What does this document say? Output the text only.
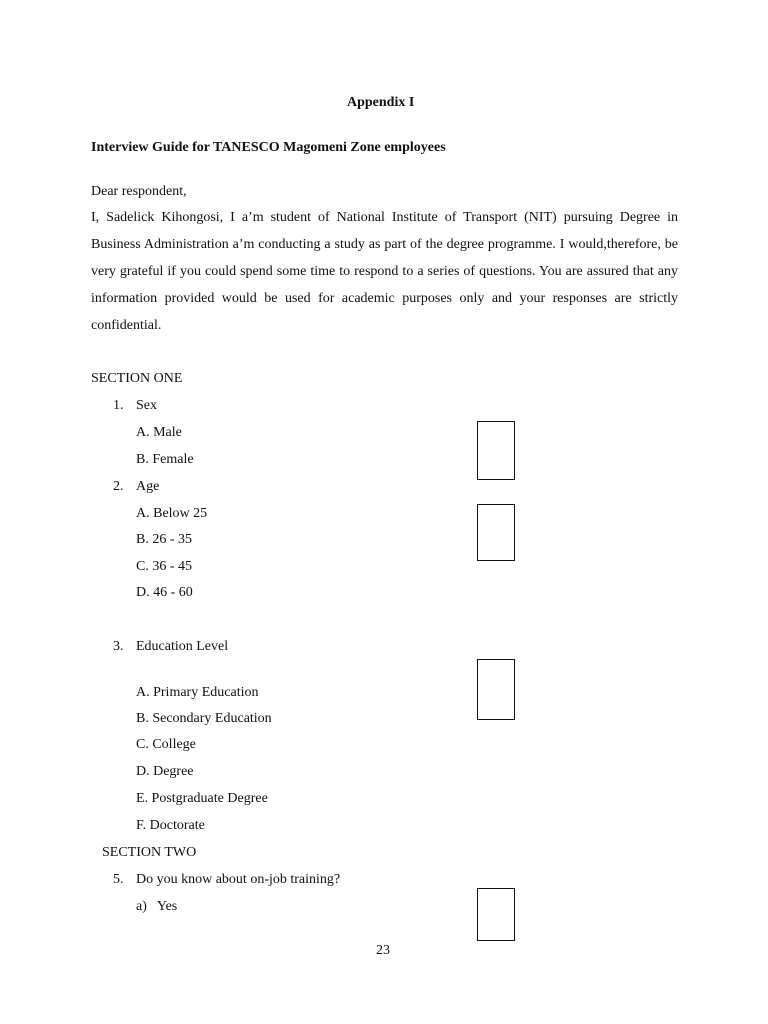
Appendix I
Interview Guide for TANESCO Magomeni Zone employees
Dear respondent,
I, Sadelick Kihongosi, I a’m student of National Institute of Transport (NIT) pursuing Degree in Business Administration a’m conducting a study as part of the degree programme. I would,therefore, be very grateful if you could spend some time to respond to a series of questions. You are assured that any information provided would be used for academic purposes only and your responses are strictly confidential.
SECTION ONE
1. Sex
A. Male
B. Female
2. Age
A. Below 25
B. 26 - 35
C. 36 - 45
D. 46 - 60
3. Education Level
A. Primary Education
B. Secondary Education
C. College
D. Degree
E. Postgraduate Degree
F. Doctorate
SECTION TWO
5. Do you know about on-job training?
a)   Yes
23
